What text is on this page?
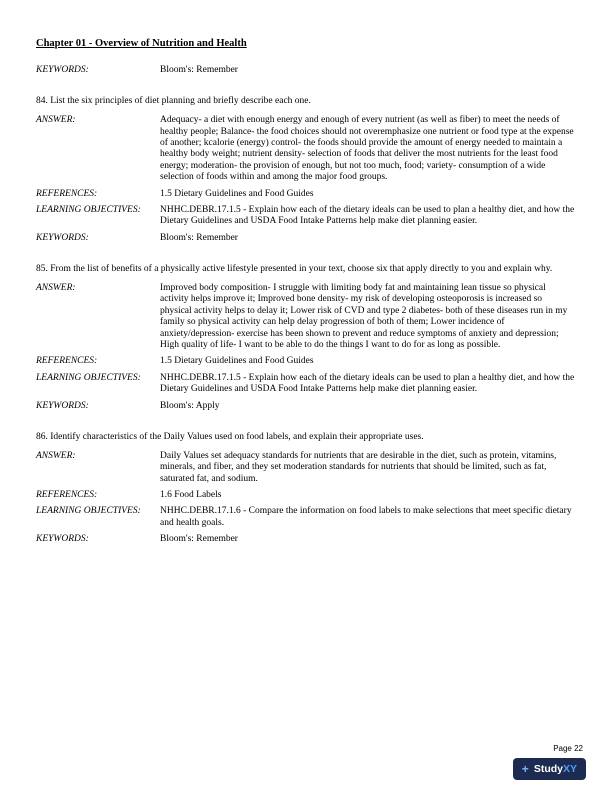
Chapter 01 - Overview of Nutrition and Health
KEYWORDS:	Bloom's: Remember

84. List the six principles of diet planning and briefly describe each one.

ANSWER:	Adequacy- a diet with enough energy and enough of every nutrient (as well as fiber) to meet the needs of healthy people; Balance- the food choices should not overemphasize one nutrient or food type at the expense of another; kcalorie (energy) control- the foods should provide the amount of energy needed to maintain a healthy body weight; nutrient density- selection of foods that deliver the most nutrients for the least food energy; moderation- the provision of enough, but not too much, food; variety- consumption of a wide selection of foods within and among the major food groups.
REFERENCES:	1.5 Dietary Guidelines and Food Guides
LEARNING OBJECTIVES:	NHHC.DEBR.17.1.5 - Explain how each of the dietary ideals can be used to plan a healthy diet, and how the Dietary Guidelines and USDA Food Intake Patterns help make diet planning easier.
KEYWORDS:	Bloom's: Remember

85. From the list of benefits of a physically active lifestyle presented in your text, choose six that apply directly to you and explain why.

ANSWER:	Improved body composition- I struggle with limiting body fat and maintaining lean tissue so physical activity helps improve it; Improved bone density- my risk of developing osteoporosis is increased so physical activity helps to delay it; Lower risk of CVD and type 2 diabetes- both of these diseases run in my family so physical activity can help delay progression of both of them; Lower incidence of anxiety/depression- exercise has been shown to prevent and reduce symptoms of anxiety and depression; High quality of life- I want to be able to do the things I want to do for as long as possible.
REFERENCES:	1.5 Dietary Guidelines and Food Guides
LEARNING OBJECTIVES:	NHHC.DEBR.17.1.5 - Explain how each of the dietary ideals can be used to plan a healthy diet, and how the Dietary Guidelines and USDA Food Intake Patterns help make diet planning easier.
KEYWORDS:	Bloom's: Apply

86. Identify characteristics of the Daily Values used on food labels, and explain their appropriate uses.

ANSWER:	Daily Values set adequacy standards for nutrients that are desirable in the diet, such as protein, vitamins, minerals, and fiber, and they set moderation standards for nutrients that should be limited, such as fat, saturated fat, and sodium.
REFERENCES:	1.6 Food Labels
LEARNING OBJECTIVES:	NHHC.DEBR.17.1.6 - Compare the information on food labels to make selections that meet specific dietary and health goals.
KEYWORDS:	Bloom's: Remember
Page 22
+ StudyXY
